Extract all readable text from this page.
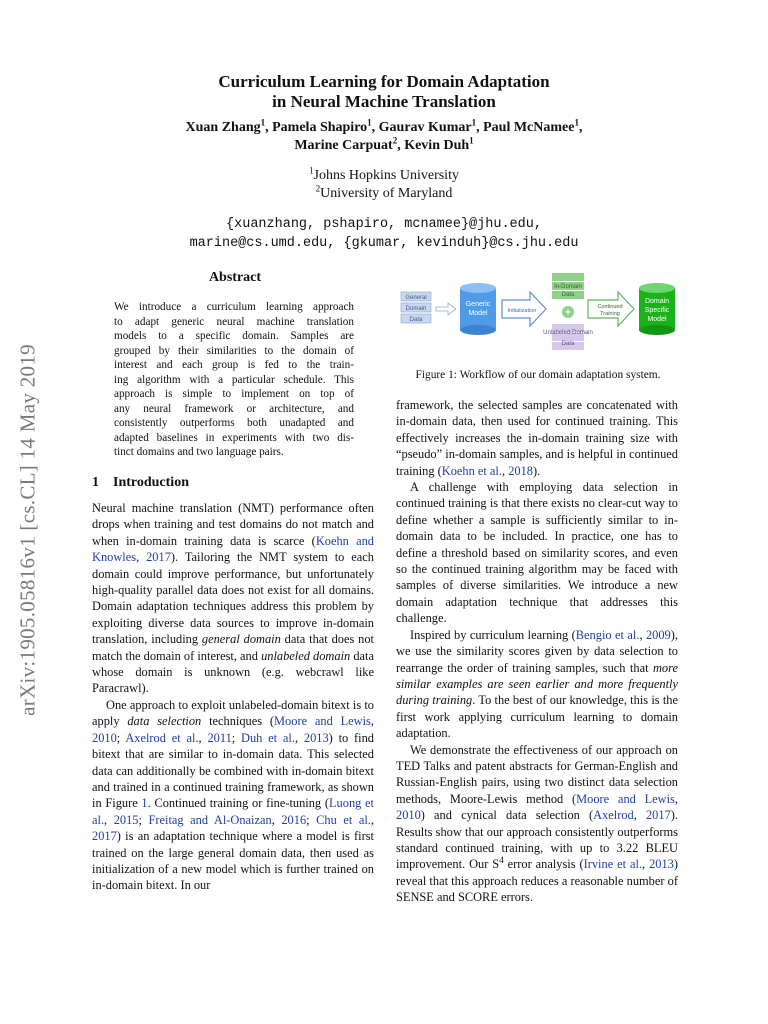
arXiv:1905.05816v1 [cs.CL] 14 May 2019
Curriculum Learning for Domain Adaptation
in Neural Machine Translation
Xuan Zhang$^1$, Pamela Shapiro$^1$, Gaurav Kumar$^1$, Paul McNamee$^1$,
Marine Carpuat$^2$, Kevin Duh$^1$
$^1$Johns Hopkins University
$^2$University of Maryland
{xuanzhang, pshapiro, mcnamee}@jhu.edu,
marine@cs.umd.edu, {gkumar, kevinduh}@cs.jhu.edu
Abstract
We introduce a curriculum learning approach
to adapt generic neural machine translation
models to a specific domain. Samples are
grouped by their similarities to the domain of
interest and each group is fed to the train-
ing algorithm with a particular schedule. This
approach is simple to implement on top of
any neural framework or architecture, and
consistently outperforms both unadapted and
adapted baselines in experiments with two dis-
tinct domains and two language pairs.
1 Introduction

Neural machine translation (NMT) performance often drops when training and test domains do not match and when in-domain training data is scarce (Koehn and Knowles, 2017). Tailoring the NMT system to each domain could improve performance, but unfortunately high-quality parallel data does not exist for all domains. Domain adaptation techniques address this problem by exploiting diverse data sources to improve in-domain translation, including general domain data that does not match the domain of interest, and unlabeled domain data whose domain is unknown (e.g. webcrawl like Paracrawl).

One approach to exploit unlabeled-domain bitext is to apply data selection techniques (Moore and Lewis, 2010; Axelrod et al., 2011; Duh et al., 2013) to find bitext that are similar to in-domain data. This selected data can additionally be combined with in-domain bitext and trained in a continued training framework, as shown in Figure 1. Continued training or fine-tuning (Luong et al., 2015; Freitag and Al-Onaizan, 2016; Chu et al., 2017) is an adaptation technique where a model is first trained on the large general domain data, then used as initialization of a new model which is further trained on in-domain bitext. In our

General
Domain
Data
Generic
Model	Initialization
In-Domain
Data
+
Unlabeled-Domain
Data
Continued
Training
Domain
Specific
Model
Figure 1: Workflow of our domain adaptation system.

framework, the selected samples are concatenated with in-domain data, then used for continued training. This effectively increases the in-domain training size with “pseudo” in-domain samples, and is helpful in continued training (Koehn et al., 2018).

A challenge with employing data selection in continued training is that there exists no clear-cut way to define whether a sample is sufficiently similar to in-domain data to be included. In practice, one has to define a threshold based on similarity scores, and even so the continued training algorithm may be faced with samples of diverse similarities. We introduce a new domain adaptation technique that addresses this challenge.

Inspired by curriculum learning (Bengio et al., 2009), we use the similarity scores given by data selection to rearrange the order of training samples, such that more similar examples are seen earlier and more frequently during training. To the best of our knowledge, this is the first work applying curriculum learning to domain adaptation.

We demonstrate the effectiveness of our approach on TED Talks and patent abstracts for German-English and Russian-English pairs, using two distinct data selection methods, Moore-Lewis method (Moore and Lewis, 2010) and cynical data selection (Axelrod, 2017). Results show that our approach consistently outperforms standard continued training, with up to 3.22 BLEU improvement. Our $S^4$ error analysis (Irvine et al., 2013) reveal that this approach reduces a reasonable number of SENSE and SCORE errors.
